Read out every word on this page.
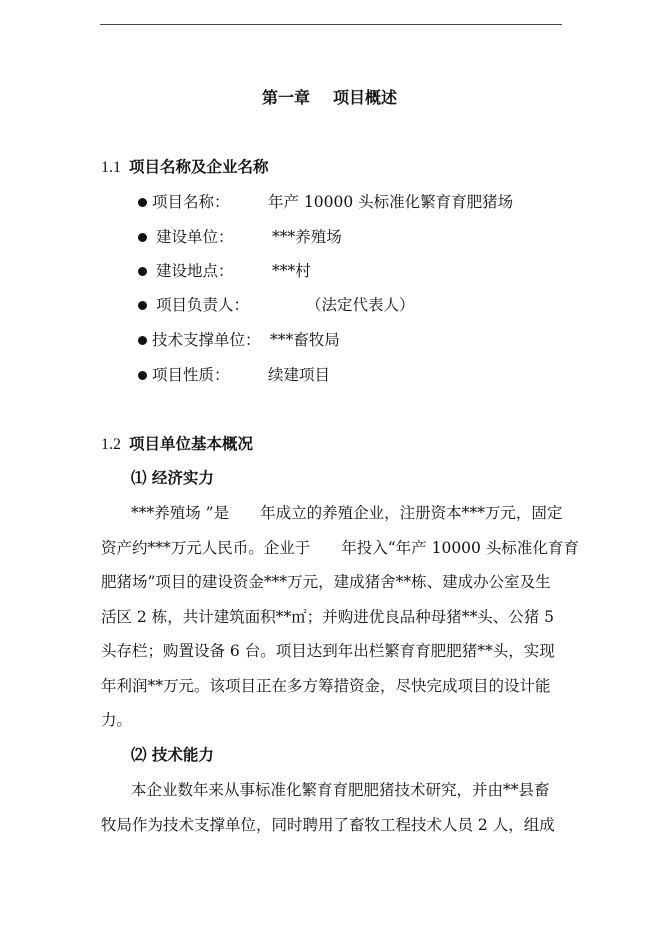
第一章 项目概述
1.1 项目名称及企业名称
项目名称： 年产 10000 头标准化繁育育肥猪场
建设单位： ***养殖场
建设地点： ***村
项目负责人：	（法定代表人）
技术支撑单位： ***畜牧局
项目性质： 续建项目
1.2 项目单位基本概况
⑴ 经济实力
***养殖场 ”是　　年成立的养殖企业，注册资本***万元，固定
资产约***万元人民币。企业于　　年投入“年产 10000 头标准化育育
肥猪场”项目的建设资金***万元，建成猪舍**栋、建成办公室及生
活区 2 栋，共计建筑面积**㎡；并购进优良品种母猪**头、公猪 5
头存栏；购置设备 6 台。项目达到年出栏繁育育肥肥猪**头，实现
年利润**万元。该项目正在多方筹措资金，尽快完成项目的设计能
力。
⑵ 技术能力
本企业数年来从事标准化繁育育肥肥猪技术研究，并由**县畜
牧局作为技术支撑单位，同时聘用了畜牧工程技术人员 2 人，组成
